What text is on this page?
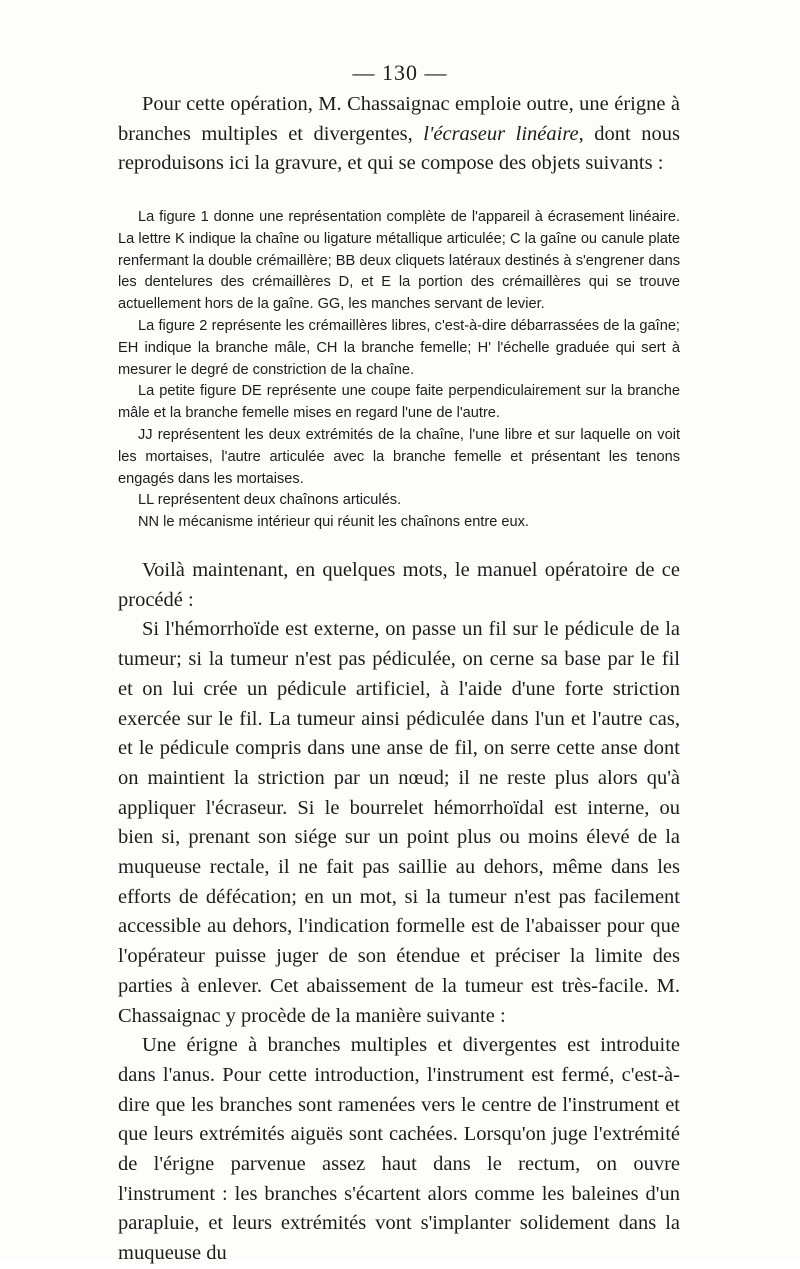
— 130 —

Pour cette opération, M. Chassaignac emploie outre, une érigne à branches multiples et divergentes, l'écraseur linéaire, dont nous reproduisons ici la gravure, et qui se compose des objets suivants :

La figure 1 donne une représentation complète de l'appareil à écrasement linéaire. La lettre K indique la chaîne ou ligature métallique articulée; C la gaîne ou canule plate renfermant la double crémaillère; BB deux cliquets latéraux destinés à s'engrener dans les dentelures des crémaillères D, et E la portion des crémaillères qui se trouve actuellement hors de la gaîne. GG, les manches servant de levier.

La figure 2 représente les crémaillères libres, c'est-à-dire débarrassées de la gaîne; EH indique la branche mâle, CH la branche femelle; H' l'échelle graduée qui sert à mesurer le degré de constriction de la chaîne.

La petite figure DE représente une coupe faite perpendiculairement sur la branche mâle et la branche femelle mises en regard l'une de l'autre.

JJ représentent les deux extrémités de la chaîne, l'une libre et sur laquelle on voit les mortaises, l'autre articulée avec la branche femelle et présentant les tenons engagés dans les mortaises.

LL représentent deux chaînons articulés.

NN le mécanisme intérieur qui réunit les chaînons entre eux.

Voilà maintenant, en quelques mots, le manuel opératoire de ce procédé :

Si l'hémorrhoïde est externe, on passe un fil sur le pédicule de la tumeur; si la tumeur n'est pas pédiculée, on cerne sa base par le fil et on lui crée un pédicule artificiel, à l'aide d'une forte striction exercée sur le fil. La tumeur ainsi pédiculée dans l'un et l'autre cas, et le pédicule compris dans une anse de fil, on serre cette anse dont on maintient la striction par un nœud; il ne reste plus alors qu'à appliquer l'écraseur. Si le bourrelet hémorrhoïdal est interne, ou bien si, prenant son siége sur un point plus ou moins élevé de la muqueuse rectale, il ne fait pas saillie au dehors, même dans les efforts de défécation; en un mot, si la tumeur n'est pas facilement accessible au dehors, l'indication formelle est de l'abaisser pour que l'opérateur puisse juger de son étendue et préciser la limite des parties à enlever. Cet abaissement de la tumeur est très-facile. M. Chassaignac y procède de la manière suivante :

Une érigne à branches multiples et divergentes est introduite dans l'anus. Pour cette introduction, l'instrument est fermé, c'est-à-dire que les branches sont ramenées vers le centre de l'instrument et que leurs extrémités aiguës sont cachées. Lorsqu'on juge l'extrémité de l'érigne parvenue assez haut dans le rectum, on ouvre l'instrument : les branches s'écartent alors comme les baleines d'un parapluie, et leurs extrémités vont s'implanter solidement dans la muqueuse du
